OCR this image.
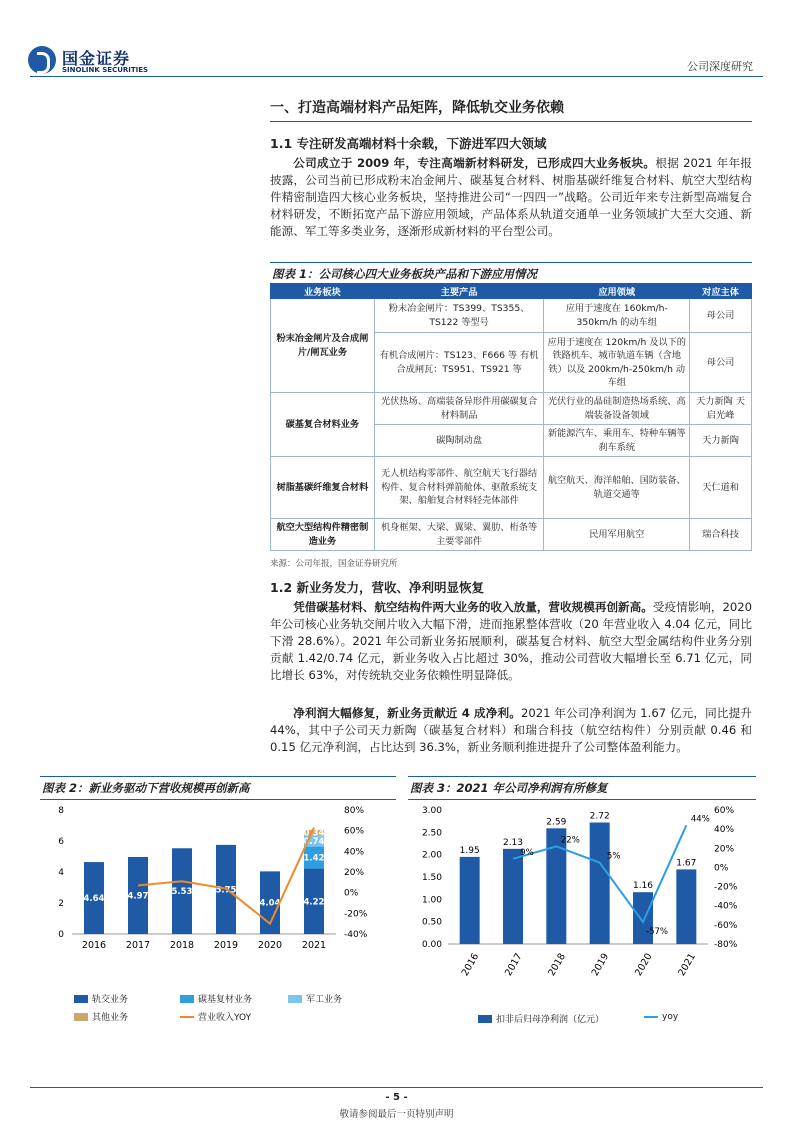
国金证券
SINOLINK SECURITIES	公司深度研究
一、打造高端材料产品矩阵，降低轨交业务依赖
1.1 专注研发高端材料十余载，下游进军四大领域
公司成立于 2009 年，专注高端新材料研发，已形成四大业务板块。根据 2021 年年报披露，公司当前已形成粉末冶金闸片、碳基复合材料、树脂基碳纤维复合材料、航空大型结构件精密制造四大核心业务板块，坚持推进公司“一四四一”战略。公司近年来专注新型高端复合材料研发，不断拓宽产品下游应用领域，产品体系从轨道交通单一业务领域扩大至大交通、新能源、军工等多类业务，逐渐形成新材料的平台型公司。
图表 1：公司核心四大业务板块产品和下游应用情况
业务板块	主要产品	应用领域	对应主体
粉末冶金闸片及合成闸片/闸瓦业务	粉末冶金闸片：TS399、TS355、TS122 等型号	应用于速度在 160km/h-350km/h 的动车组	母公司
	有机合成闸片：TS123、F666 等 有机合成闸瓦：TS951、TS921 等	应用于速度在 120km/h 及以下的铁路机车、城市轨道车辆（含地铁）以及 200km/h-250km/h 动车组	母公司
碳基复合材料业务	光伏热场、高端装备异形件用碳碳复合材料制品	光伏行业的晶硅制造热场系统、高端装备设备领域	天力新陶 天启光峰
	碳陶制动盘	新能源汽车、乘用车、特种车辆等刹车系统	天力新陶
树脂基碳纤维复合材料	无人机结构零部件、航空航天飞行器结构件、复合材料弹箭舱体、驱散系统支架、船舶复合材料轻壳体部件	航空航天、海洋船舶、国防装备、轨道交通等	天仁道和
航空大型结构件精密制造业务	机身框架、大梁、翼梁、翼肋、桁条等主要零部件	民用军用航空	瑞合科技
来源：公司年报，国金证券研究所
1.2 新业务发力，营收、净利明显恢复
凭借碳基材料、航空结构件两大业务的收入放量，营收规模再创新高。受疫情影响，2020 年公司核心业务轨交闸片收入大幅下滑，进而拖累整体营收（20 年营业收入 4.04 亿元，同比下滑 28.6%）。2021 年公司新业务拓展顺利，碳基复合材料、航空大型金属结构件业务分别贡献 1.42/0.74 亿元，新业务收入占比超过 30%，推动公司营收大幅增长至 6.71 亿元，同比增长 63%，对传统轨交业务依赖性明显降低。
净利润大幅修复，新业务贡献近 4 成净利。2021 年公司净利润为 1.67 亿元，同比提升 44%，其中子公司天力新陶（碳基复合材料）和瑞合科技（航空结构件）分别贡献 0.46 和 0.15 亿元净利润，占比达到 36.3%，新业务顺利推进提升了公司整体盈利能力。
图表 2：新业务驱动下营收规模再创新高	图表 3：2021 年公司净利润有所修复
0
2
4
6
8
-40%
-20%
0%
20%
40%
60%
80%
2016 2017 2018 2019 2020 2021
4.64	4.97	5.53	5.75
4.04	4.22
1.42
0.74
0.34
轨交业务	碳基复材业务	军工业务
其他业务	营业收入YOY
0.00
0.50
1.00
1.50
2.00
2.50
3.00
-80%
-60%
-40%
-20%
0%
20%
40%
60%
1.95
2016
2.13
2017
2.59
2018
2.72
2019
1.16
2020
1.67
2021
9%
22%
5%
-57%
44%
扣非后归母净利润（亿元）	yoy
- 5 -
敬请参阅最后一页特别声明
